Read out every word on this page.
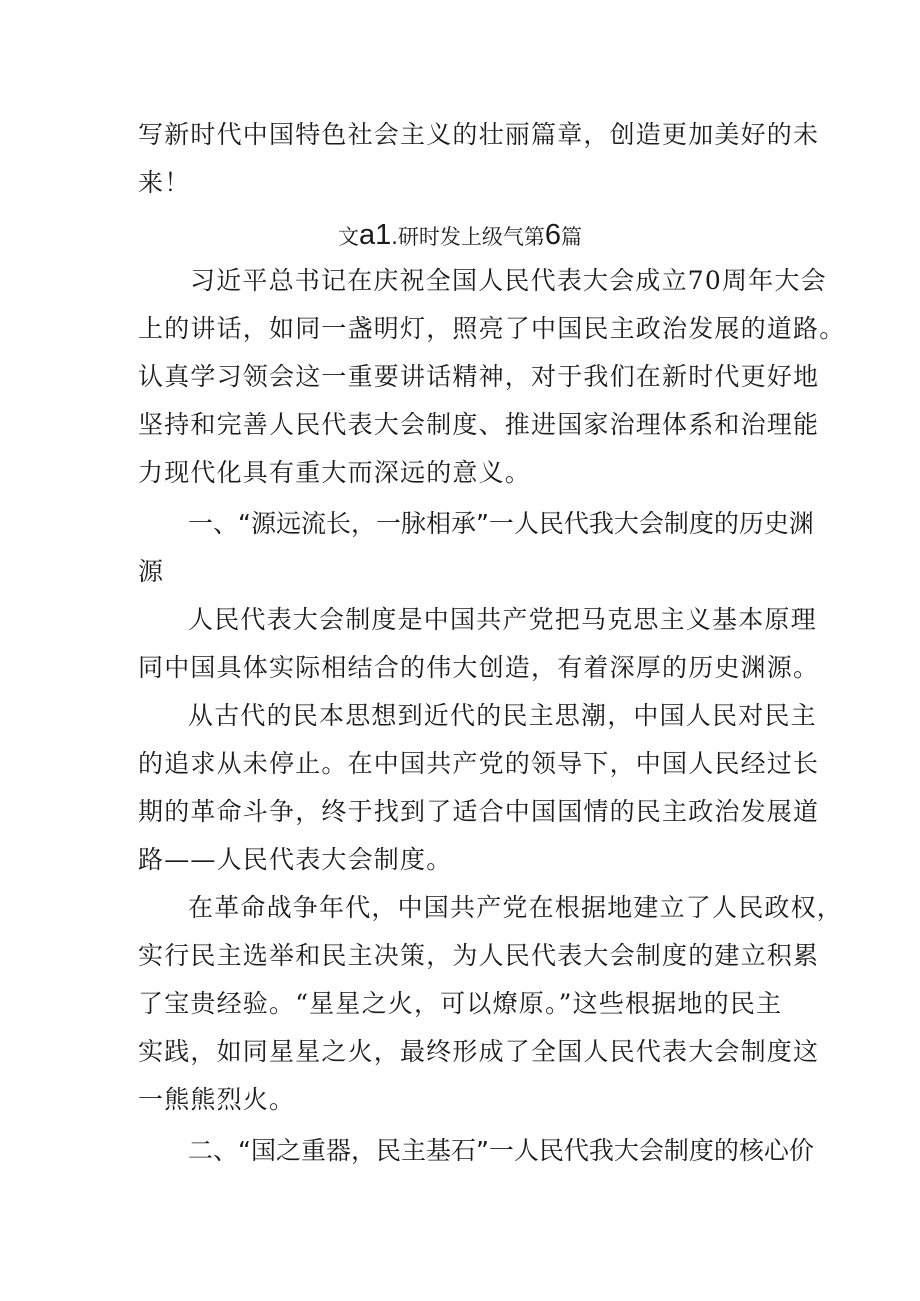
写新时代中国特色社会主义的壮丽篇章，创造更加美好的未
来！
文a1.研时发上级气第6篇
习近平总书记在庆祝全国人民代表大会成立70周年大会
上的讲话，如同一盏明灯，照亮了中国民主政治发展的道路。
认真学习领会这一重要讲话精神，对于我们在新时代更好地
坚持和完善人民代表大会制度、推进国家治理体系和治理能
力现代化具有重大而深远的意义。
一、“源远流长，一脉相承”一人民代我大会制度的历史渊
源
人民代表大会制度是中国共产党把马克思主义基本原理
同中国具体实际相结合的伟大创造，有着深厚的历史渊源。
从古代的民本思想到近代的民主思潮，中国人民对民主
的追求从未停止。在中国共产党的领导下，中国人民经过长
期的革命斗争，终于找到了适合中国国情的民主政治发展道
路——人民代表大会制度。
在革命战争年代，中国共产党在根据地建立了人民政权，
实行民主选举和民主决策，为人民代表大会制度的建立积累
了宝贵经验。“星星之火，可以燎原。”这些根据地的民主
实践，如同星星之火，最终形成了全国人民代表大会制度这
一熊熊烈火。
二、“国之重器，民主基石”一人民代我大会制度的核心价
